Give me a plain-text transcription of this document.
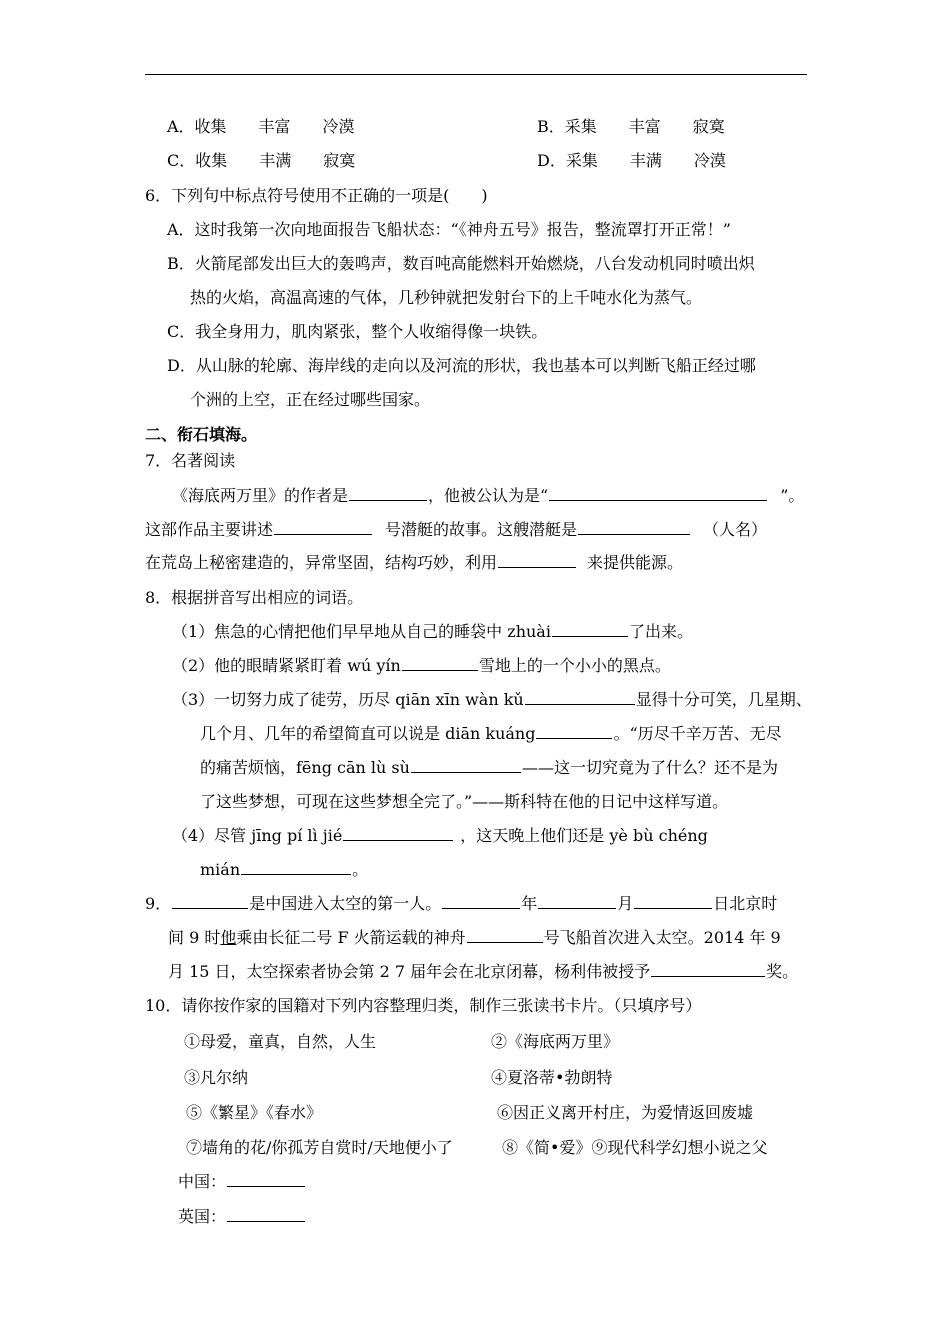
A．收集　　丰富　　冷漠	B．采集　　丰富　　寂寞
C．收集　　丰满　　寂寞	D．采集　　丰满　　冷漠
6．下列句中标点符号使用不正确的一项是(　　)
A．这时我第一次向地面报告飞船状态：“《神舟五号》报告，整流罩打开正常！”
B．火箭尾部发出巨大的轰鸣声，数百吨高能燃料开始燃烧，八台发动机同时喷出炽
热的火焰，高温高速的气体，几秒钟就把发射台下的上千吨水化为蒸气。
C．我全身用力，肌肉紧张，整个人收缩得像一块铁。
D．从山脉的轮廓、海岸线的走向以及河流的形状，我也基本可以判断飞船正经过哪
个洲的上空，正在经过哪些国家。
二、衔石填海。
7．名著阅读
《海底两万里》的作者是	，他被公认为是“	”。
这部作品主要讲述	号潜艇的故事。这艘潜艇是	（人名）
在荒岛上秘密建造的，异常坚固，结构巧妙，利用	来提供能源。
8．根据拼音写出相应的词语。
（1）焦急的心情把他们早早地从自己的睡袋中 zhuài	了出来。
（2）他的眼睛紧紧盯着 wú yín	雪地上的一个小小的黑点。
（3）一切努力成了徒劳，历尽 qiān xīn wàn kǔ	显得十分可笑，几星期、
几个月、几年的希望简直可以说是 diān kuáng	。“历尽千辛万苦、无尽
的痛苦烦恼，fēng cān lù sù	——这一切究竟为了什么？还不是为
了这些梦想，可现在这些梦想全完了。”——斯科特在他的日记中这样写道。
（4）尽管 jīng pí lì jié	，这天晚上他们还是 yè bù chéng
mián	。
9．	是中国进入太空的第一人。	年	月	日北京时
间 9 时他乘由长征二号 F 火箭运载的神舟	号飞船首次进入太空。2014 年 9
月 15 日，太空探索者协会第 2 7 届年会在北京闭幕，杨利伟被授予	奖。
10．请你按作家的国籍对下列内容整理归类，制作三张读书卡片。（只填序号）
①母爱，童真，自然，人生	②《海底两万里》
③凡尔纳	④夏洛蒂•勃朗特
⑤《繁星》《春水》	⑥因正义离开村庄，为爱情返回废墟
⑦墙角的花/你孤芳自赏时/天地便小了	⑧《简•爱》⑨现代科学幻想小说之父
中国：
英国：
